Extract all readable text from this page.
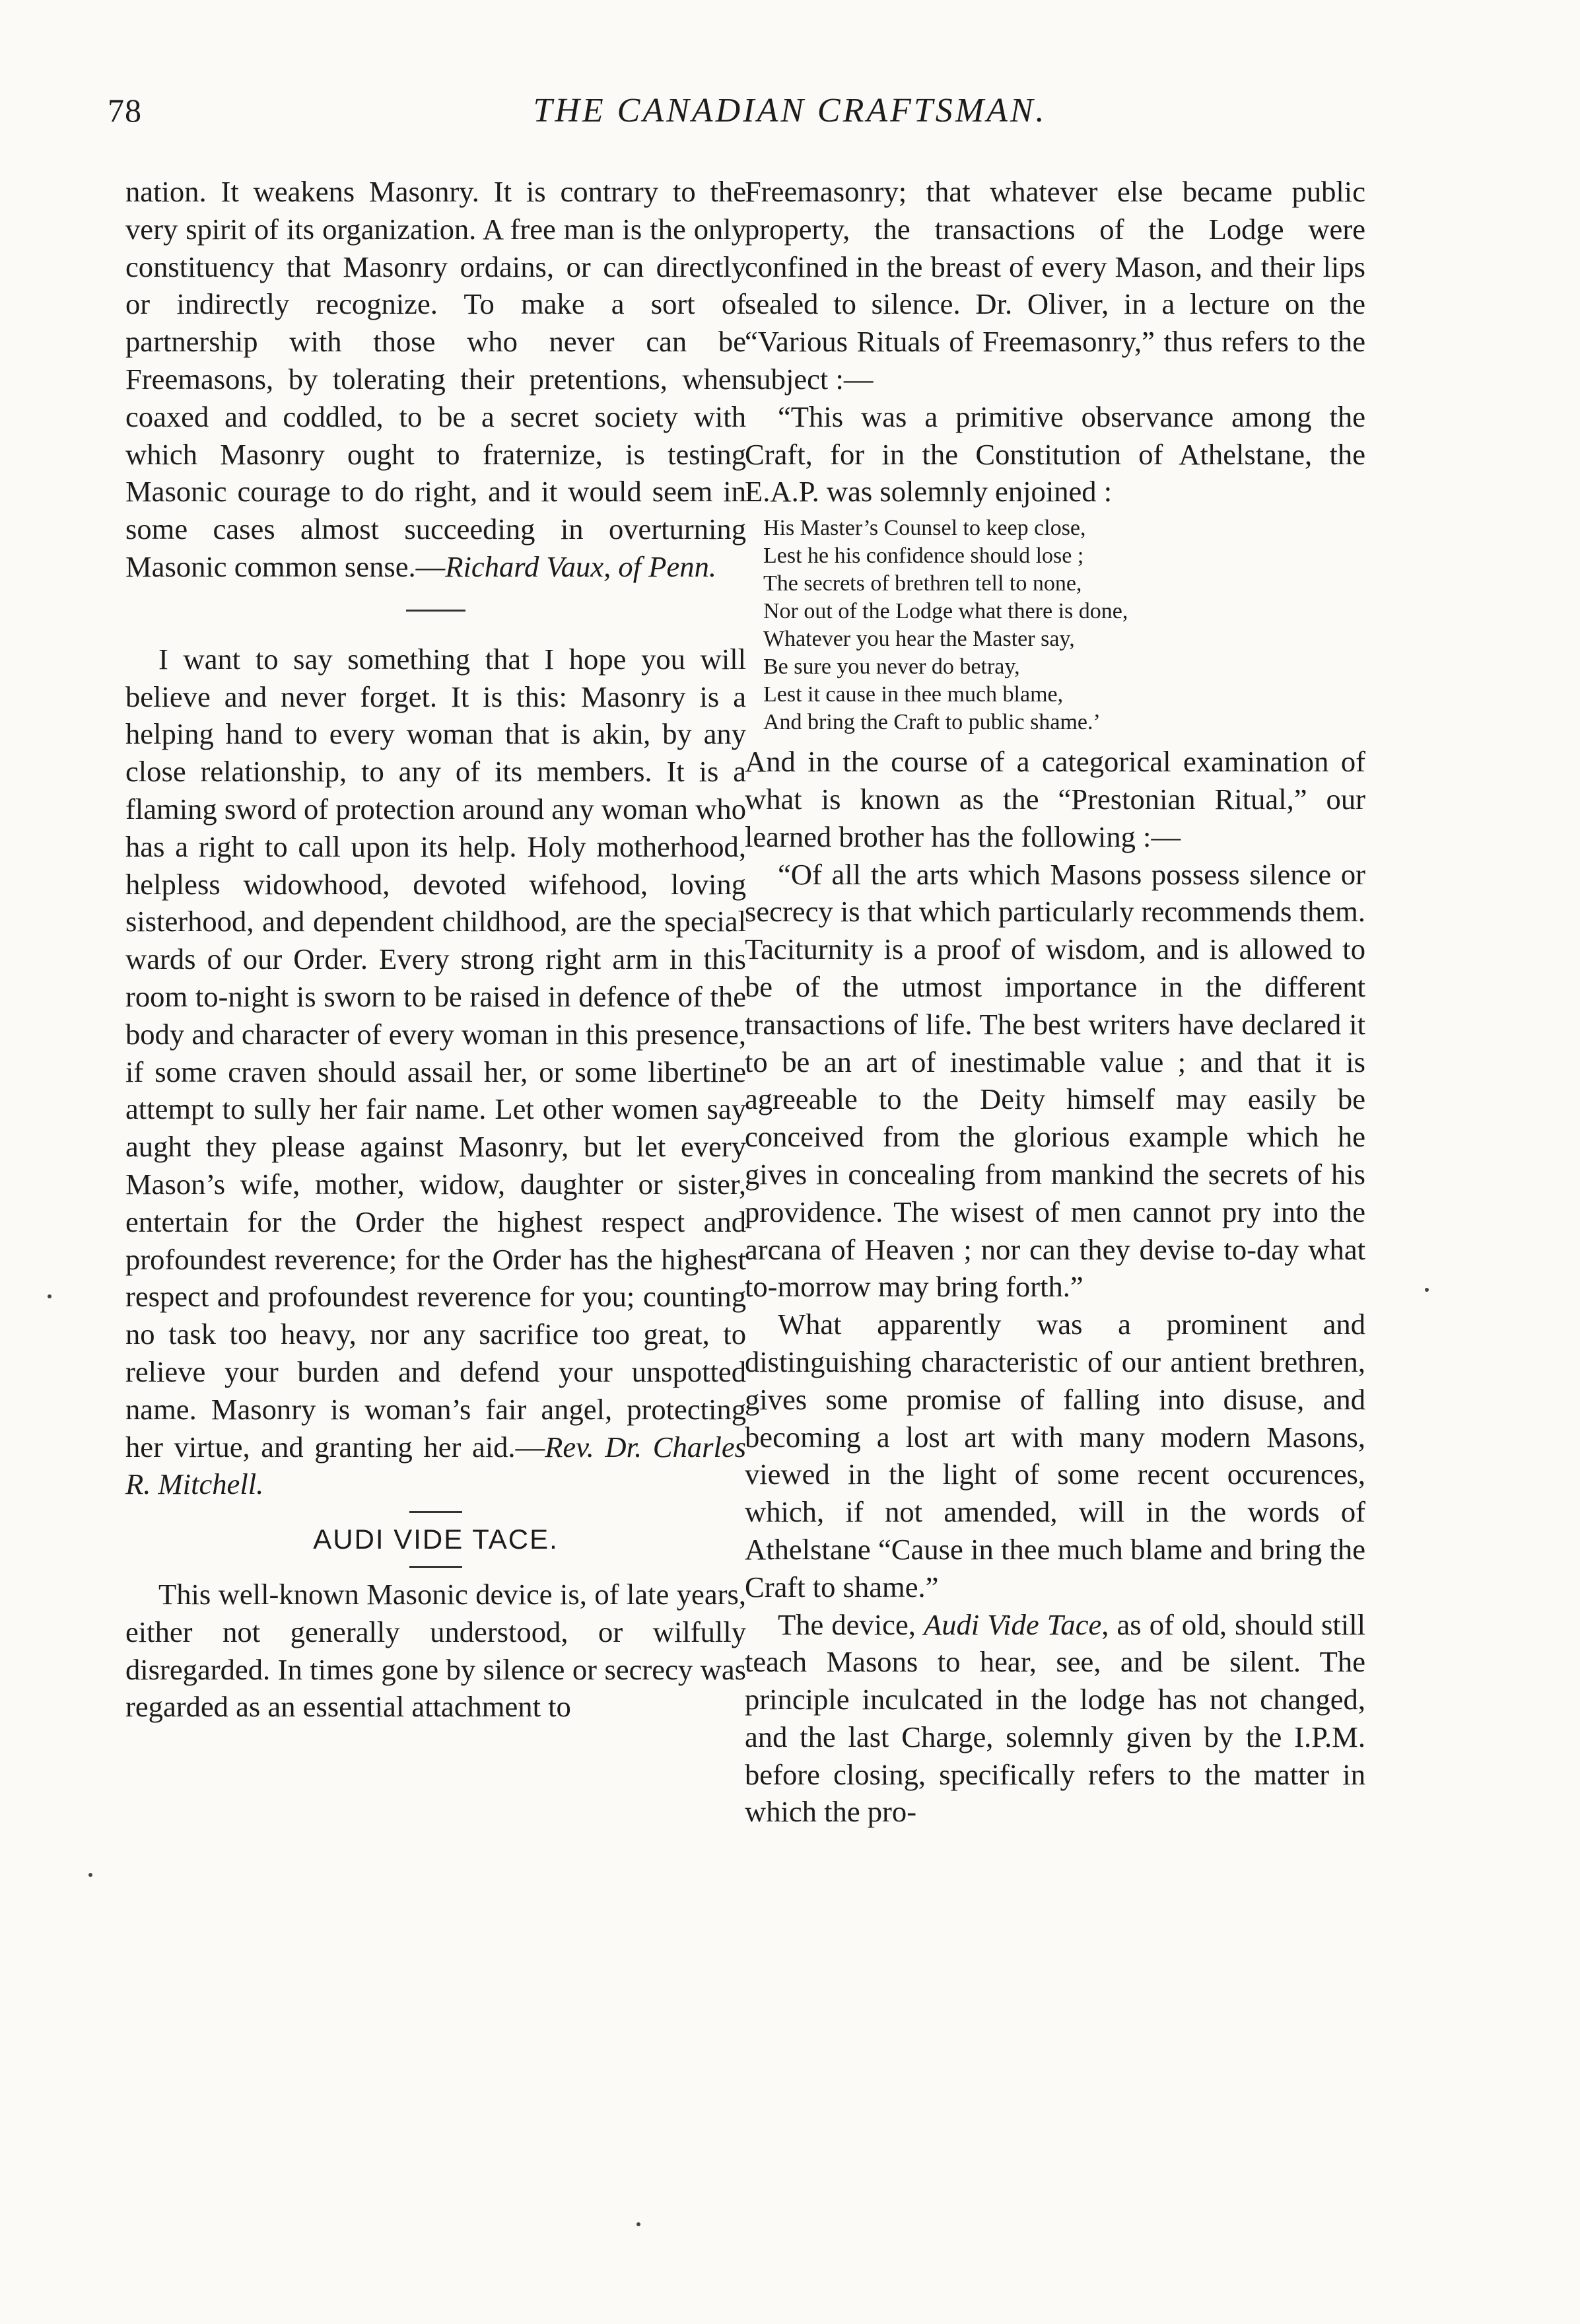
78	THE CANADIAN CRAFTSMAN.

nation. It weakens Masonry. It is contrary to the very spirit of its organization. A free man is the only constituency that Masonry ordains, or can directly or indirectly recognize. To make a sort of partnership with those who never can be Freemasons, by tolerating their pretentions, when coaxed and coddled, to be a secret society with which Masonry ought to fraternize, is testing Masonic courage to do right, and it would seem in some cases almost succeeding in overturning Masonic common sense.—Richard Vaux, of Penn.

I want to say something that I hope you will believe and never forget. It is this: Masonry is a helping hand to every woman that is akin, by any close relationship, to any of its members. It is a flaming sword of protection around any woman who has a right to call upon its help. Holy motherhood, helpless widowhood, devoted wifehood, loving sisterhood, and dependent childhood, are the special wards of our Order. Every strong right arm in this room to-night is sworn to be raised in defence of the body and character of every woman in this presence, if some craven should assail her, or some libertine attempt to sully her fair name. Let other women say aught they please against Masonry, but let every Mason’s wife, mother, widow, daughter or sister, entertain for the Order the highest respect and profoundest reverence; for the Order has the highest respect and profoundest reverence for you; counting no task too heavy, nor any sacrifice too great, to relieve your burden and defend your unspotted name. Masonry is woman’s fair angel, protecting her virtue, and granting her aid.—Rev. Dr. Charles R. Mitchell.

AUDI VIDE TACE.

This well-known Masonic device is, of late years, either not generally understood, or wilfully disregarded. In times gone by silence or secrecy was regarded as an essential attachment to

Freemasonry; that whatever else became public property, the transactions of the Lodge were confined in the breast of every Mason, and their lips sealed to silence. Dr. Oliver, in a lecture on the “Various Rituals of Freemasonry,” thus refers to the subject :—

“This was a primitive observance among the Craft, for in the Constitution of Athelstane, the E.A.P. was solemnly enjoined :

His Master’s Counsel to keep close,
Lest he his confidence should lose ;
The secrets of brethren tell to none,
Nor out of the Lodge what there is done,
Whatever you hear the Master say,
Be sure you never do betray,
Lest it cause in thee much blame,
And bring the Craft to public shame.’

And in the course of a categorical examination of what is known as the “Prestonian Ritual,” our learned brother has the following :—

“Of all the arts which Masons possess silence or secrecy is that which particularly recommends them. Taciturnity is a proof of wisdom, and is allowed to be of the utmost importance in the different transactions of life. The best writers have declared it to be an art of inestimable value ; and that it is agreeable to the Deity himself may easily be conceived from the glorious example which he gives in concealing from mankind the secrets of his providence. The wisest of men cannot pry into the arcana of Heaven ; nor can they devise to-day what to-morrow may bring forth.”

What apparently was a prominent and distinguishing characteristic of our antient brethren, gives some promise of falling into disuse, and becoming a lost art with many modern Masons, viewed in the light of some recent occurences, which, if not amended, will in the words of Athelstane “Cause in thee much blame and bring the Craft to shame.”

The device, Audi Vide Tace, as of old, should still teach Masons to hear, see, and be silent. The principle inculcated in the lodge has not changed, and the last Charge, solemnly given by the I.P.M. before closing, specifically refers to the matter in which the pro-
